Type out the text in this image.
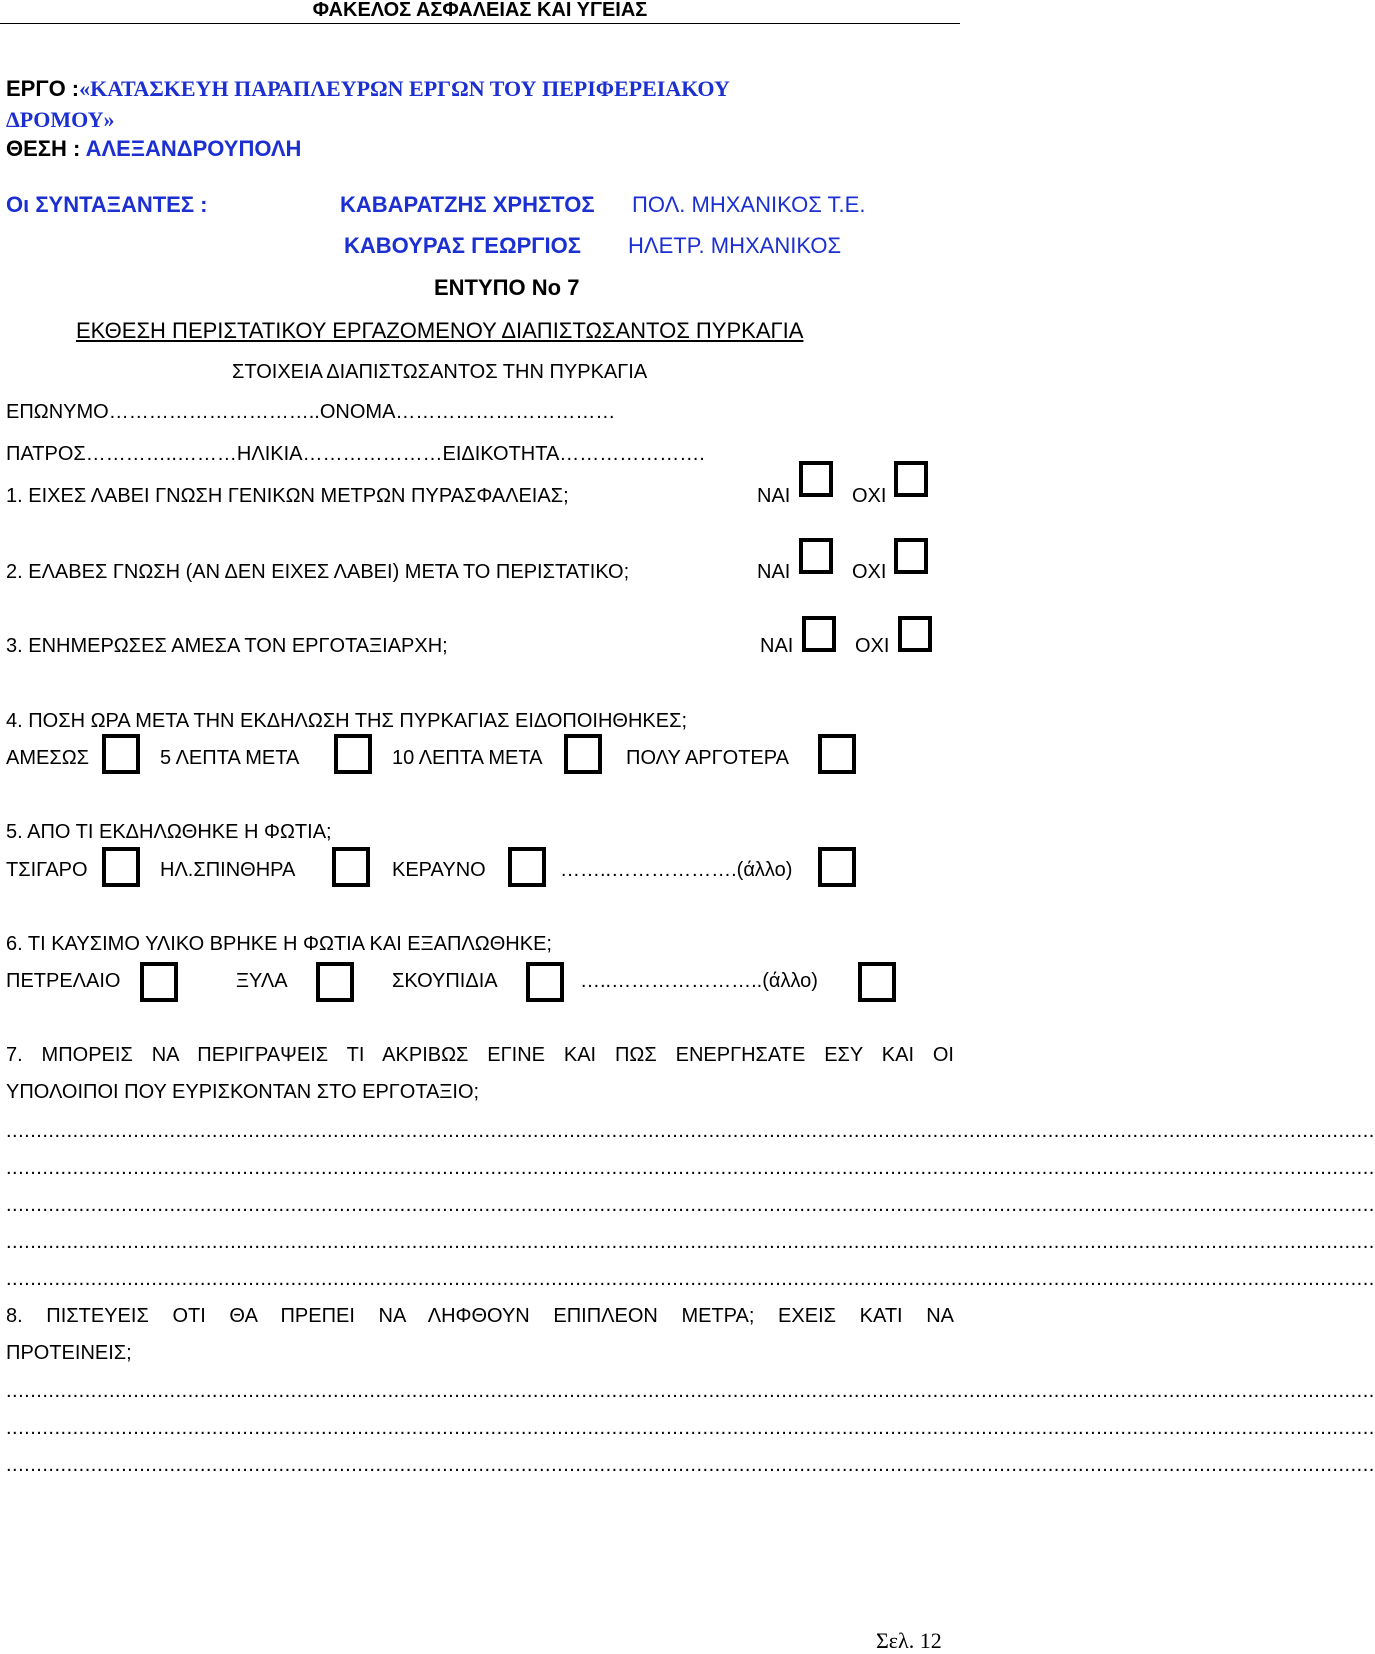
ΦΑΚΕΛΟΣ ΑΣΦΑΛΕΙΑΣ ΚΑΙ ΥΓΕΙΑΣ
ΕΡΓΟ :«ΚΑΤΑΣΚΕΥΗ ΠΑΡΑΠΛΕΥΡΩΝ ΕΡΓΩΝ ΤΟΥ ΠΕΡΙΦΕΡΕΙΑΚΟΥ
ΔΡΟΜΟΥ»
ΘΕΣΗ : ΑΛΕΞΑΝΔΡΟΥΠΟΛΗ
Οι ΣΥΝΤΑΞΑΝΤΕΣ :	ΚΑΒΑΡΑΤΖΗΣ ΧΡΗΣΤΟΣ ΠΟΛ. ΜΗΧΑΝΙΚΟΣ Τ.Ε.
ΚΑΒΟΥΡΑΣ ΓΕΩΡΓΙΟΣ ΗΛΕΤΡ. ΜΗΧΑΝΙΚΟΣ
ΕΝΤΥΠΟ Νο 7
ΕΚΘΕΣΗ ΠΕΡΙΣΤΑΤΙΚΟΥ ΕΡΓΑΖΟΜΕΝΟΥ ΔΙΑΠΙΣΤΩΣΑΝΤΟΣ ΠΥΡΚΑΓΙΑ
ΣΤΟΙΧΕΙΑ ΔΙΑΠΙΣΤΩΣΑΝΤΟΣ ΤΗΝ ΠΥΡΚΑΓΙΑ
ΕΠΩΝΥΜΟ…………………………..ΟΝΟΜΑ……………………………
ΠΑΤΡΟΣ…………..………ΗΛΙΚΙΑ…………………ΕΙΔΙΚΟΤΗΤΑ………………….
1. ΕΙΧΕΣ ΛΑΒΕΙ ΓΝΩΣΗ ΓΕΝΙΚΩΝ ΜΕΤΡΩΝ ΠΥΡΑΣΦΑΛΕΙΑΣ;	ΝΑΙ	ΟΧΙ
2. ΕΛΑΒΕΣ ΓΝΩΣΗ (ΑΝ ΔΕΝ ΕΙΧΕΣ ΛΑΒΕΙ) ΜΕΤΑ ΤΟ ΠΕΡΙΣΤΑΤΙΚΟ;	ΝΑΙ	ΟΧΙ
3. ΕΝΗΜΕΡΩΣΕΣ ΑΜΕΣΑ ΤΟΝ ΕΡΓΟΤΑΞΙΑΡΧΗ;	ΝΑΙ	ΟΧΙ
4. ΠΟΣΗ ΩΡΑ ΜΕΤΑ ΤΗΝ ΕΚΔΗΛΩΣΗ ΤΗΣ ΠΥΡΚΑΓΙΑΣ ΕΙΔΟΠΟΙΗΘΗΚΕΣ;
ΑΜΕΣΩΣ	5 ΛΕΠΤΑ ΜΕΤΑ	10 ΛΕΠΤΑ ΜΕΤΑ	ΠΟΛΥ ΑΡΓΟΤΕΡΑ
5. ΑΠΟ ΤΙ ΕΚΔΗΛΩΘΗΚΕ Η ΦΩΤΙΑ;
ΤΣΙΓΑΡΟ	ΗΛ.ΣΠΙΝΘΗΡΑ	ΚΕΡΑΥΝΟ	……..……………….(άλλο)
6. ΤΙ ΚΑΥΣΙΜΟ ΥΛΙΚΟ ΒΡΗΚΕ Η ΦΩΤΙΑ ΚΑΙ ΕΞΑΠΛΩΘΗΚΕ;
ΠΕΤΡΕΛΑΙΟ	ΞΥΛΑ	ΣΚΟΥΠΙΔΙΑ	…..…………………..(άλλο)
7. ΜΠΟΡΕΙΣ ΝΑ ΠΕΡΙΓΡΑΨΕΙΣ ΤΙ ΑΚΡΙΒΩΣ ΕΓΙΝΕ ΚΑΙ ΠΩΣ ΕΝΕΡΓΗΣΑΤΕ ΕΣΥ ΚΑΙ ΟΙ
ΥΠΟΛΟΙΠΟΙ ΠΟΥ ΕΥΡΙΣΚΟΝΤΑΝ ΣΤΟ ΕΡΓΟΤΑΞΙΟ;
..................................................................................................................................................................................................................................
..................................................................................................................................................................................................................................
..................................................................................................................................................................................................................................
..................................................................................................................................................................................................................................
..................................................................................................................................................................................................................................
8. ΠΙΣΤΕΥΕΙΣ ΟΤΙ ΘΑ ΠΡΕΠΕΙ ΝΑ ΛΗΦΘΟΥΝ ΕΠΙΠΛΕΟΝ ΜΕΤΡΑ; ΕΧΕΙΣ ΚΑΤΙ ΝΑ
ΠΡΟΤΕΙΝΕΙΣ;
..................................................................................................................................................................................................................................
..................................................................................................................................................................................................................................
..................................................................................................................................................................................................................................
Σελ. 12
